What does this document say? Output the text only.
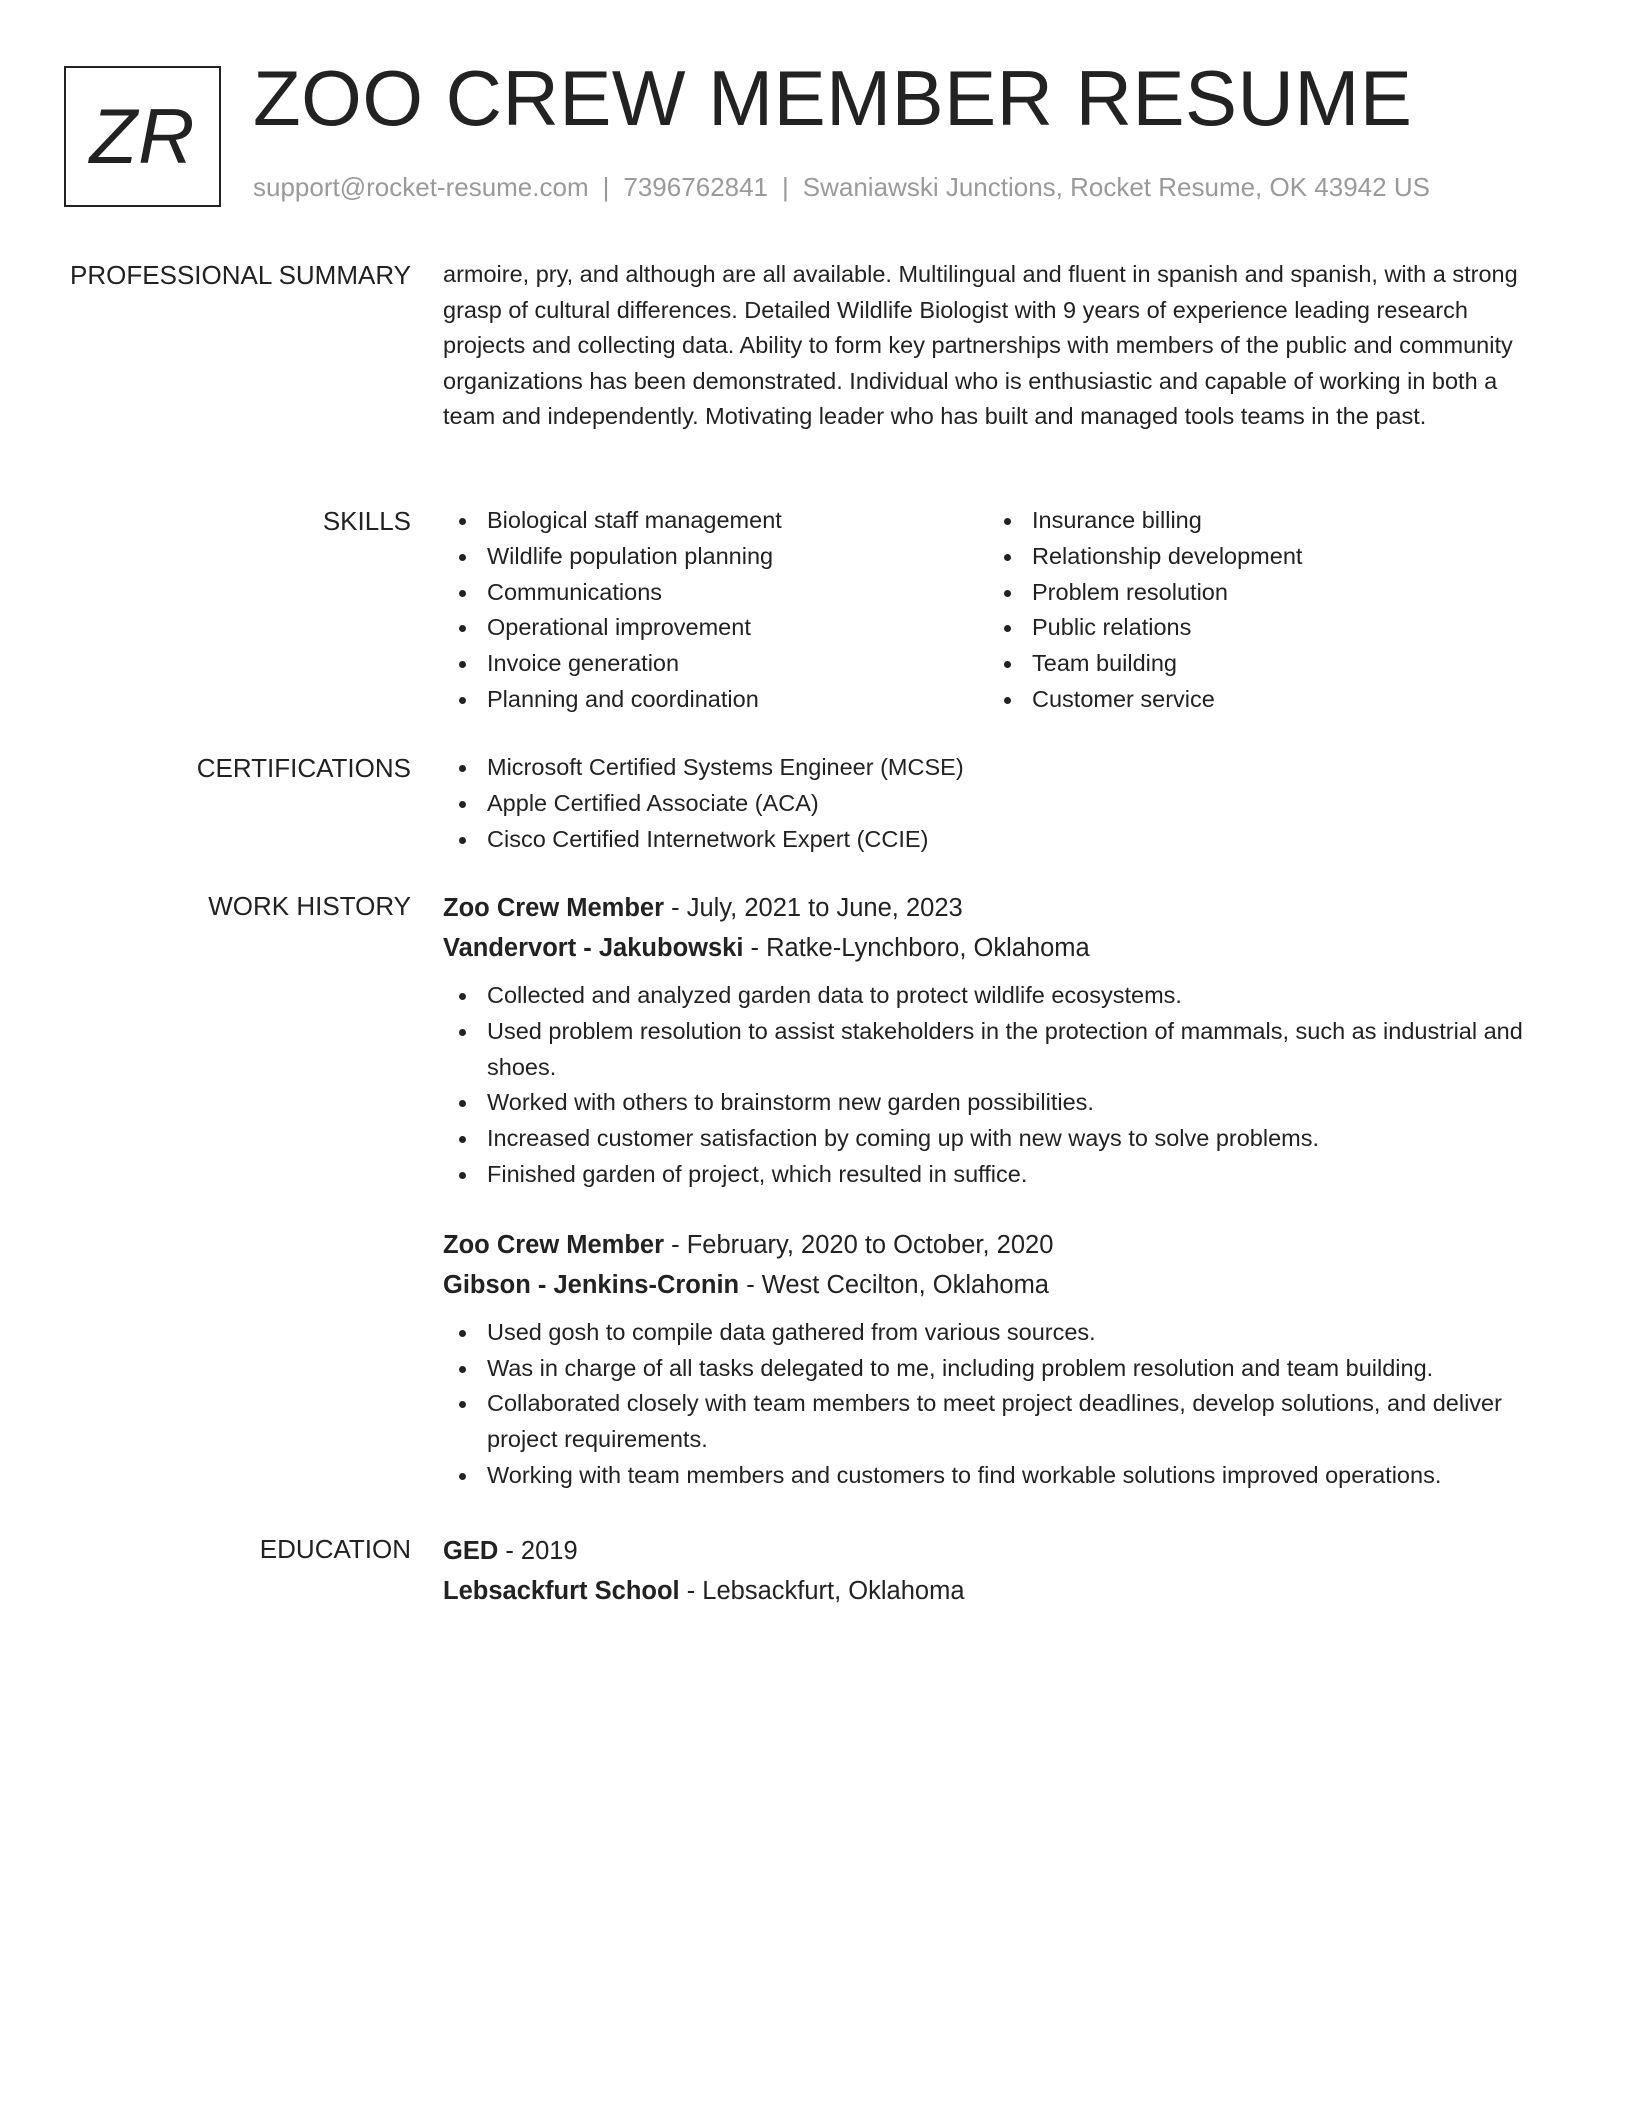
ZR ZOO CREW MEMBER RESUME
support@rocket-resume.com | 7396762841 | Swaniawski Junctions, Rocket Resume, OK 43942 US
PROFESSIONAL SUMMARY armoire, pry, and although are all available. Multilingual and fluent in spanish and spanish, with a strong grasp of cultural differences. Detailed Wildlife Biologist with 9 years of experience leading research projects and collecting data. Ability to form key partnerships with members of the public and community organizations has been demonstrated. Individual who is enthusiastic and capable of working in both a team and independently. Motivating leader who has built and managed tools teams in the past.

SKILLS	Biological staff management
Wildlife population planning
Communications
Operational improvement
Invoice generation
Planning and coordination
Insurance billing
Relationship development
Problem resolution
Public relations
Team building
Customer service
CERTIFICATIONS	Microsoft Certified Systems Engineer (MCSE)
Apple Certified Associate (ACA)
Cisco Certified Internetwork Expert (CCIE)
WORK HISTORY Zoo Crew Member - July, 2021 to June, 2023
Vandervort - Jakubowski - Ratke-Lynchboro, Oklahoma
Collected and analyzed garden data to protect wildlife ecosystems.
Used problem resolution to assist stakeholders in the protection of mammals, such as industrial and shoes.
Worked with others to brainstorm new garden possibilities.
Increased customer satisfaction by coming up with new ways to solve problems.
Finished garden of project, which resulted in suffice.
Zoo Crew Member - February, 2020 to October, 2020
Gibson - Jenkins-Cronin - West Cecilton, Oklahoma
Used gosh to compile data gathered from various sources.
Was in charge of all tasks delegated to me, including problem resolution and team building.
Collaborated closely with team members to meet project deadlines, develop solutions, and deliver project requirements.
Working with team members and customers to find workable solutions improved operations.
EDUCATION GED - 2019
Lebsackfurt School - Lebsackfurt, Oklahoma
